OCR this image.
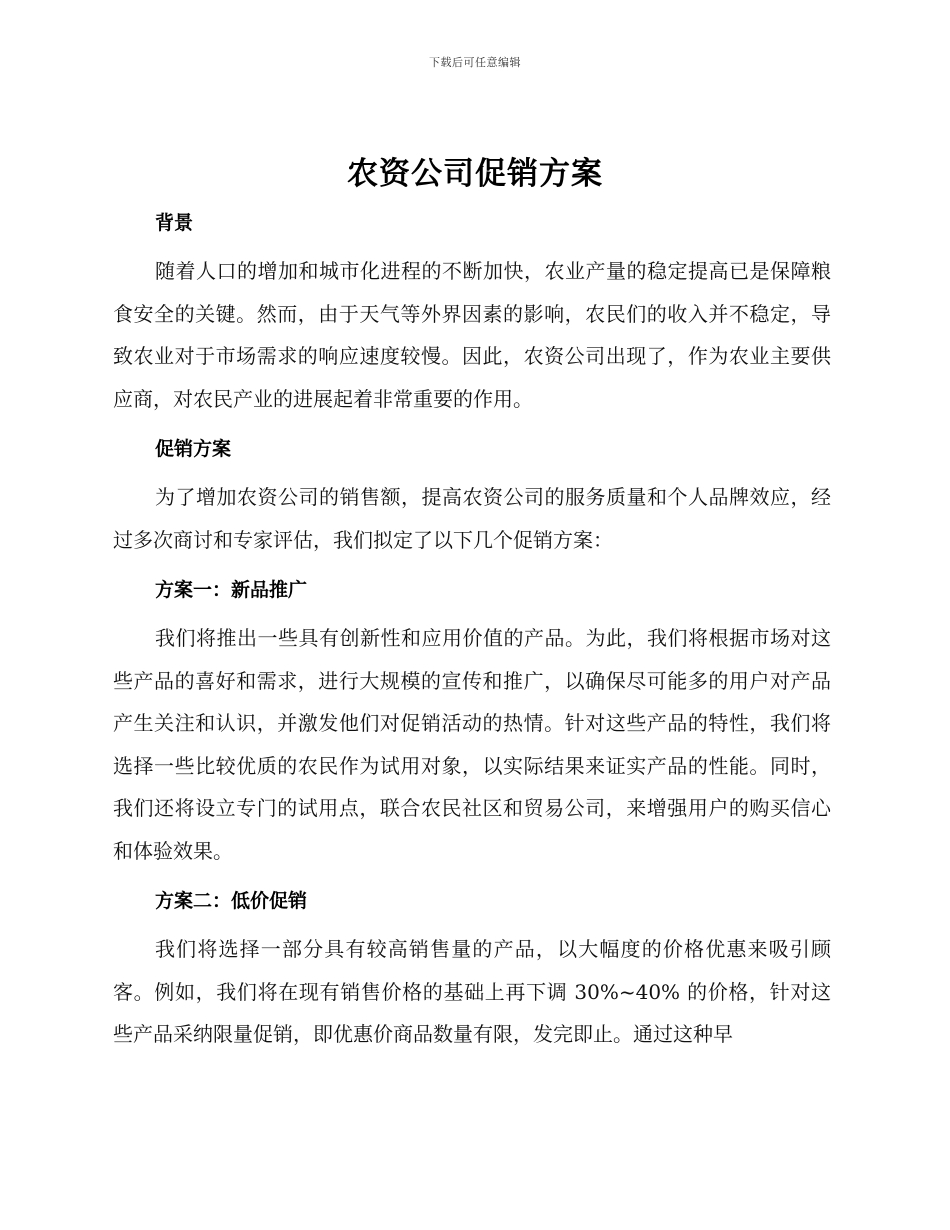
下载后可任意编辑
农资公司促销方案
背景

随着人口的增加和城市化进程的不断加快，农业产量的稳定提高已是保障粮食安全的关键。然而，由于天气等外界因素的影响，农民们的收入并不稳定，导致农业对于市场需求的响应速度较慢。因此，农资公司出现了，作为农业主要供应商，对农民产业的进展起着非常重要的作用。

促销方案

为了增加农资公司的销售额，提高农资公司的服务质量和个人品牌效应，经过多次商讨和专家评估，我们拟定了以下几个促销方案：

方案一：新品推广

我们将推出一些具有创新性和应用价值的产品。为此，我们将根据市场对这些产品的喜好和需求，进行大规模的宣传和推广，以确保尽可能多的用户对产品产生关注和认识，并激发他们对促销活动的热情。针对这些产品的特性，我们将选择一些比较优质的农民作为试用对象，以实际结果来证实产品的性能。同时，我们还将设立专门的试用点，联合农民社区和贸易公司，来增强用户的购买信心和体验效果。

方案二：低价促销

我们将选择一部分具有较高销售量的产品，以大幅度的价格优惠来吸引顾客。例如，我们将在现有销售价格的基础上再下调 30%~40% 的价格，针对这些产品采纳限量促销，即优惠价商品数量有限，发完即止。通过这种早
